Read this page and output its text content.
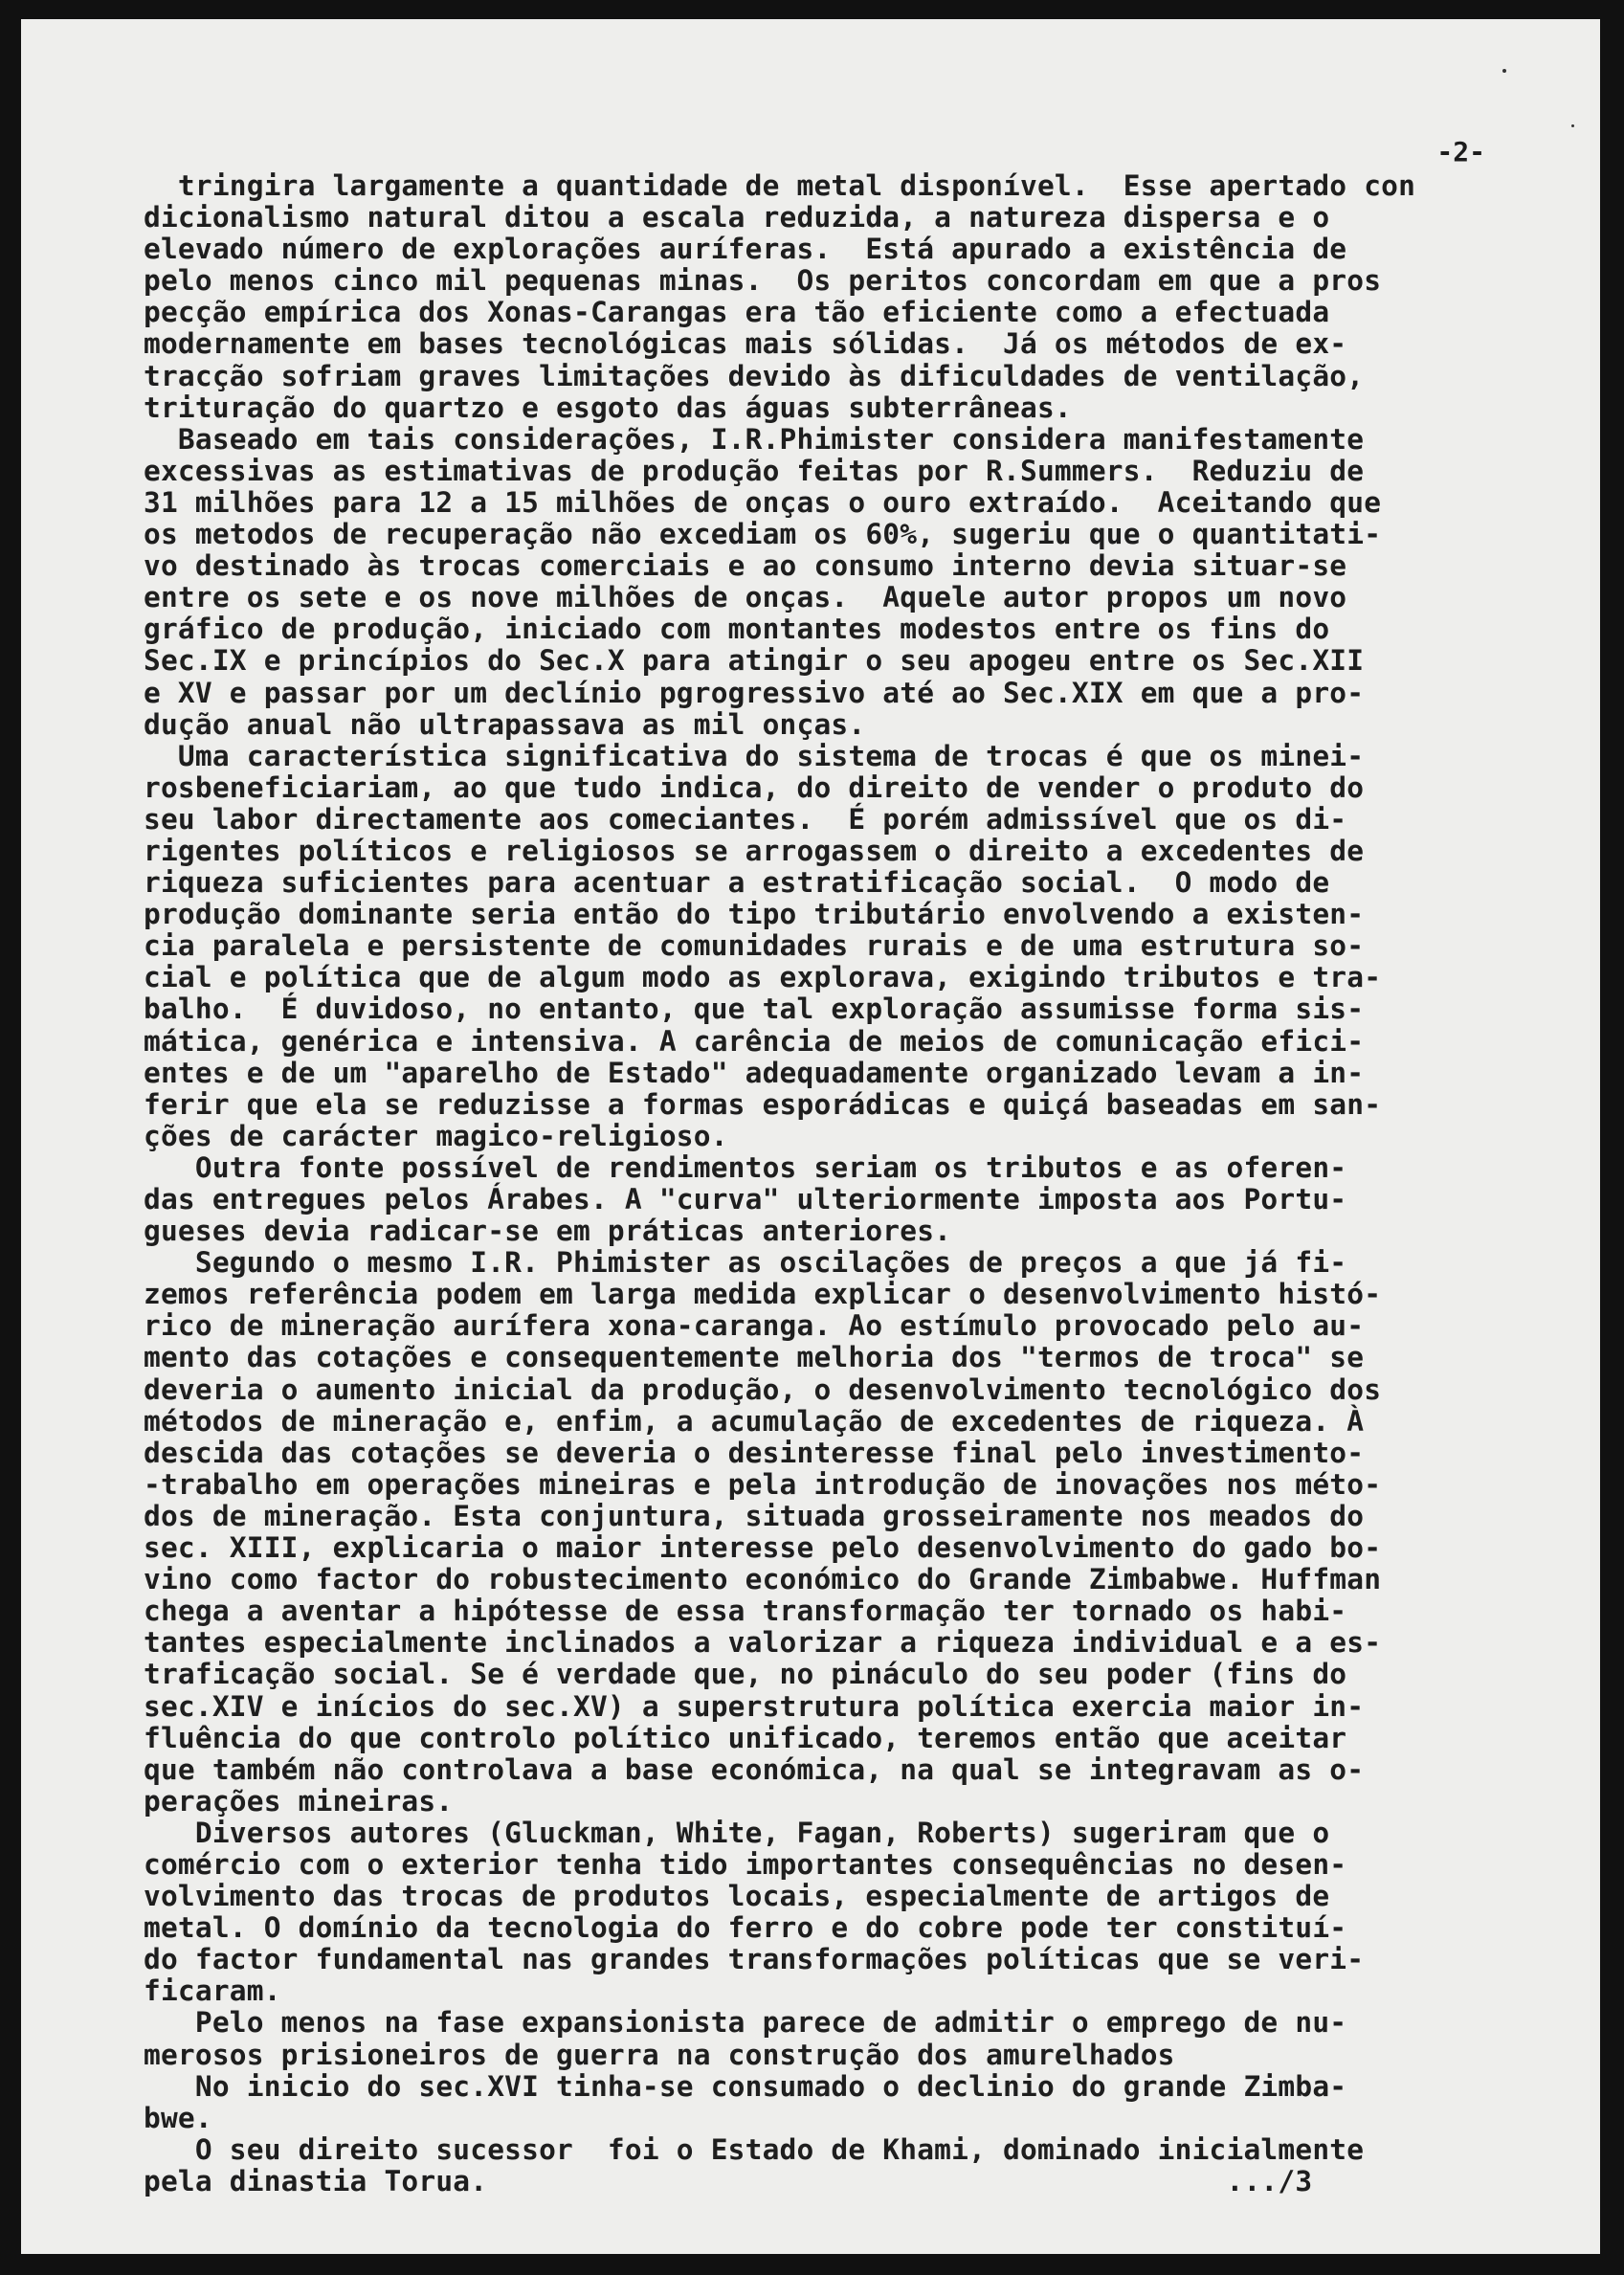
-2-
tringira largamente a quantidade de metal disponível.  Esse apertado con
dicionalismo natural ditou a escala reduzida, a natureza dispersa e o
elevado número de explorações auríferas.  Está apurado a existência de
pelo menos cinco mil pequenas minas.  Os peritos concordam em que a pros
pecção empírica dos Xonas-Carangas era tão eficiente como a efectuada
modernamente em bases tecnológicas mais sólidas.  Já os métodos de ex-
tracção sofriam graves limitações devido às dificuldades de ventilação,
trituração do quartzo e esgoto das águas subterrâneas.
Baseado em tais considerações, I.R.Phimister considera manifestamente
excessivas as estimativas de produção feitas por R.Summers.  Reduziu de
31 milhões para 12 a 15 milhões de onças o ouro extraído.  Aceitando que
os metodos de recuperação não excediam os 60%, sugeriu que o quantitati-
vo destinado às trocas comerciais e ao consumo interno devia situar-se
entre os sete e os nove milhões de onças.  Aquele autor propos um novo
gráfico de produção, iniciado com montantes modestos entre os fins do
Sec.IX e princípios do Sec.X para atingir o seu apogeu entre os Sec.XII
e XV e passar por um declínio pgrogressivo até ao Sec.XIX em que a pro-
dução anual não ultrapassava as mil onças.
Uma característica significativa do sistema de trocas é que os minei-
rosbeneficiariam, ao que tudo indica, do direito de vender o produto do
seu labor directamente aos comeciantes.  É porém admissível que os di-
rigentes políticos e religiosos se arrogassem o direito a excedentes de
riqueza suficientes para acentuar a estratificação social.  O modo de
produção dominante seria então do tipo tributário envolvendo a existen-
cia paralela e persistente de comunidades rurais e de uma estrutura so-
cial e política que de algum modo as explorava, exigindo tributos e tra-
balho.  É duvidoso, no entanto, que tal exploração assumisse forma sis-
mática, genérica e intensiva. A carência de meios de comunicação efici-
entes e de um "aparelho de Estado" adequadamente organizado levam a in-
ferir que ela se reduzisse a formas esporádicas e quiçá baseadas em san-
ções de carácter magico-religioso.
Outra fonte possível de rendimentos seriam os tributos e as oferen-
das entregues pelos Árabes. A "curva" ulteriormente imposta aos Portu-
gueses devia radicar-se em práticas anteriores.
Segundo o mesmo I.R. Phimister as oscilações de preços a que já fi-
zemos referência podem em larga medida explicar o desenvolvimento histó-
rico de mineração aurífera xona-caranga. Ao estímulo provocado pelo au-
mento das cotações e consequentemente melhoria dos "termos de troca" se
deveria o aumento inicial da produção, o desenvolvimento tecnológico dos
métodos de mineração e, enfim, a acumulação de excedentes de riqueza. À
descida das cotações se deveria o desinteresse final pelo investimento-
-trabalho em operações mineiras e pela introdução de inovações nos méto-
dos de mineração. Esta conjuntura, situada grosseiramente nos meados do
sec. XIII, explicaria o maior interesse pelo desenvolvimento do gado bo-
vino como factor do robustecimento económico do Grande Zimbabwe. Huffman
chega a aventar a hipótesse de essa transformação ter tornado os habi-
tantes especialmente inclinados a valorizar a riqueza individual e a es-
traficação social. Se é verdade que, no pináculo do seu poder (fins do
sec.XIV e inícios do sec.XV) a superstrutura política exercia maior in-
fluência do que controlo político unificado, teremos então que aceitar
que também não controlava a base económica, na qual se integravam as o-
perações mineiras.
Diversos autores (Gluckman, White, Fagan, Roberts) sugeriram que o
comércio com o exterior tenha tido importantes consequências no desen-
volvimento das trocas de produtos locais, especialmente de artigos de
metal. O domínio da tecnologia do ferro e do cobre pode ter constituí-
do factor fundamental nas grandes transformações políticas que se veri-
ficaram.
Pelo menos na fase expansionista parece de admitir o emprego de nu-
merosos prisioneiros de guerra na construção dos amurelhados
No inicio do sec.XVI tinha-se consumado o declinio do grande Zimba-
bwe.
O seu direito sucessor  foi o Estado de Khami, dominado inicialmente
pela dinastia Torua.                                           .../3
